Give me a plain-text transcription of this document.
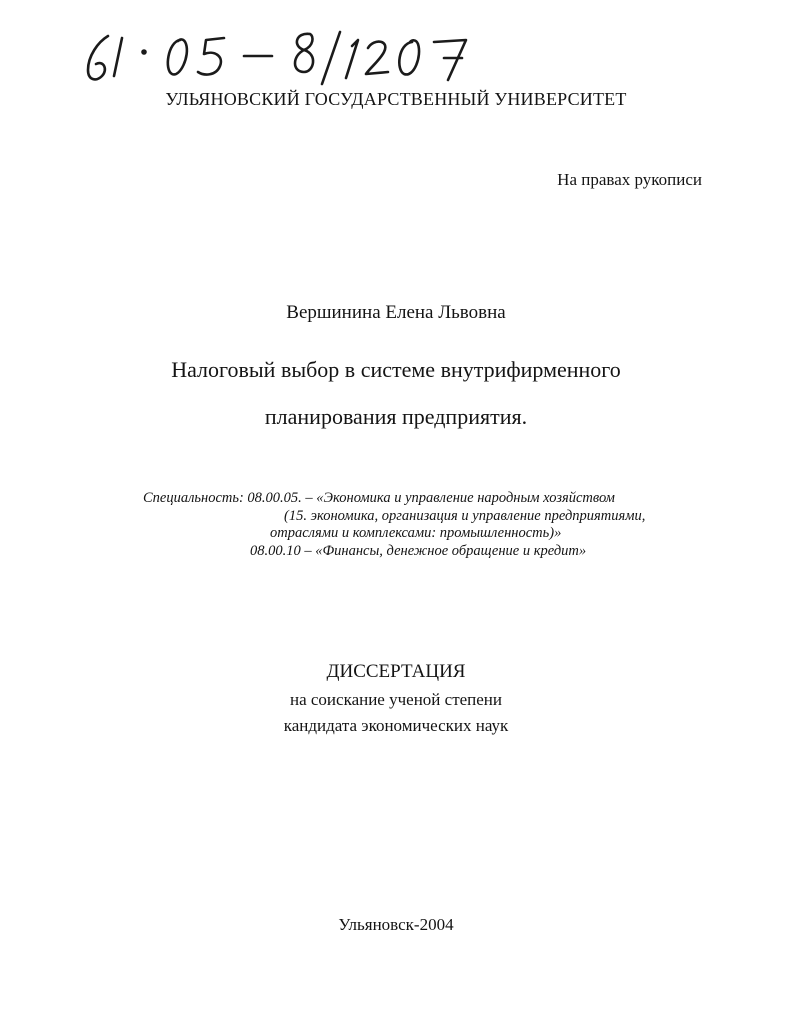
УЛЬЯНОВСКИЙ ГОСУДАРСТВЕННЫЙ УНИВЕРСИТЕТ
На правах рукописи
Вершинина Елена Львовна
Налоговый выбор в системе внутрифирменного
планирования предприятия.
Специальность: 08.00.05. – «Экономика и управление народным хозяйством
(15. экономика, организация и управление предприятиями,
отраслями и комплексами: промышленность)»
08.00.10 – «Финансы, денежное обращение и кредит»
ДИССЕРТАЦИЯ
на соискание ученой степени
кандидата экономических наук
Ульяновск-2004
